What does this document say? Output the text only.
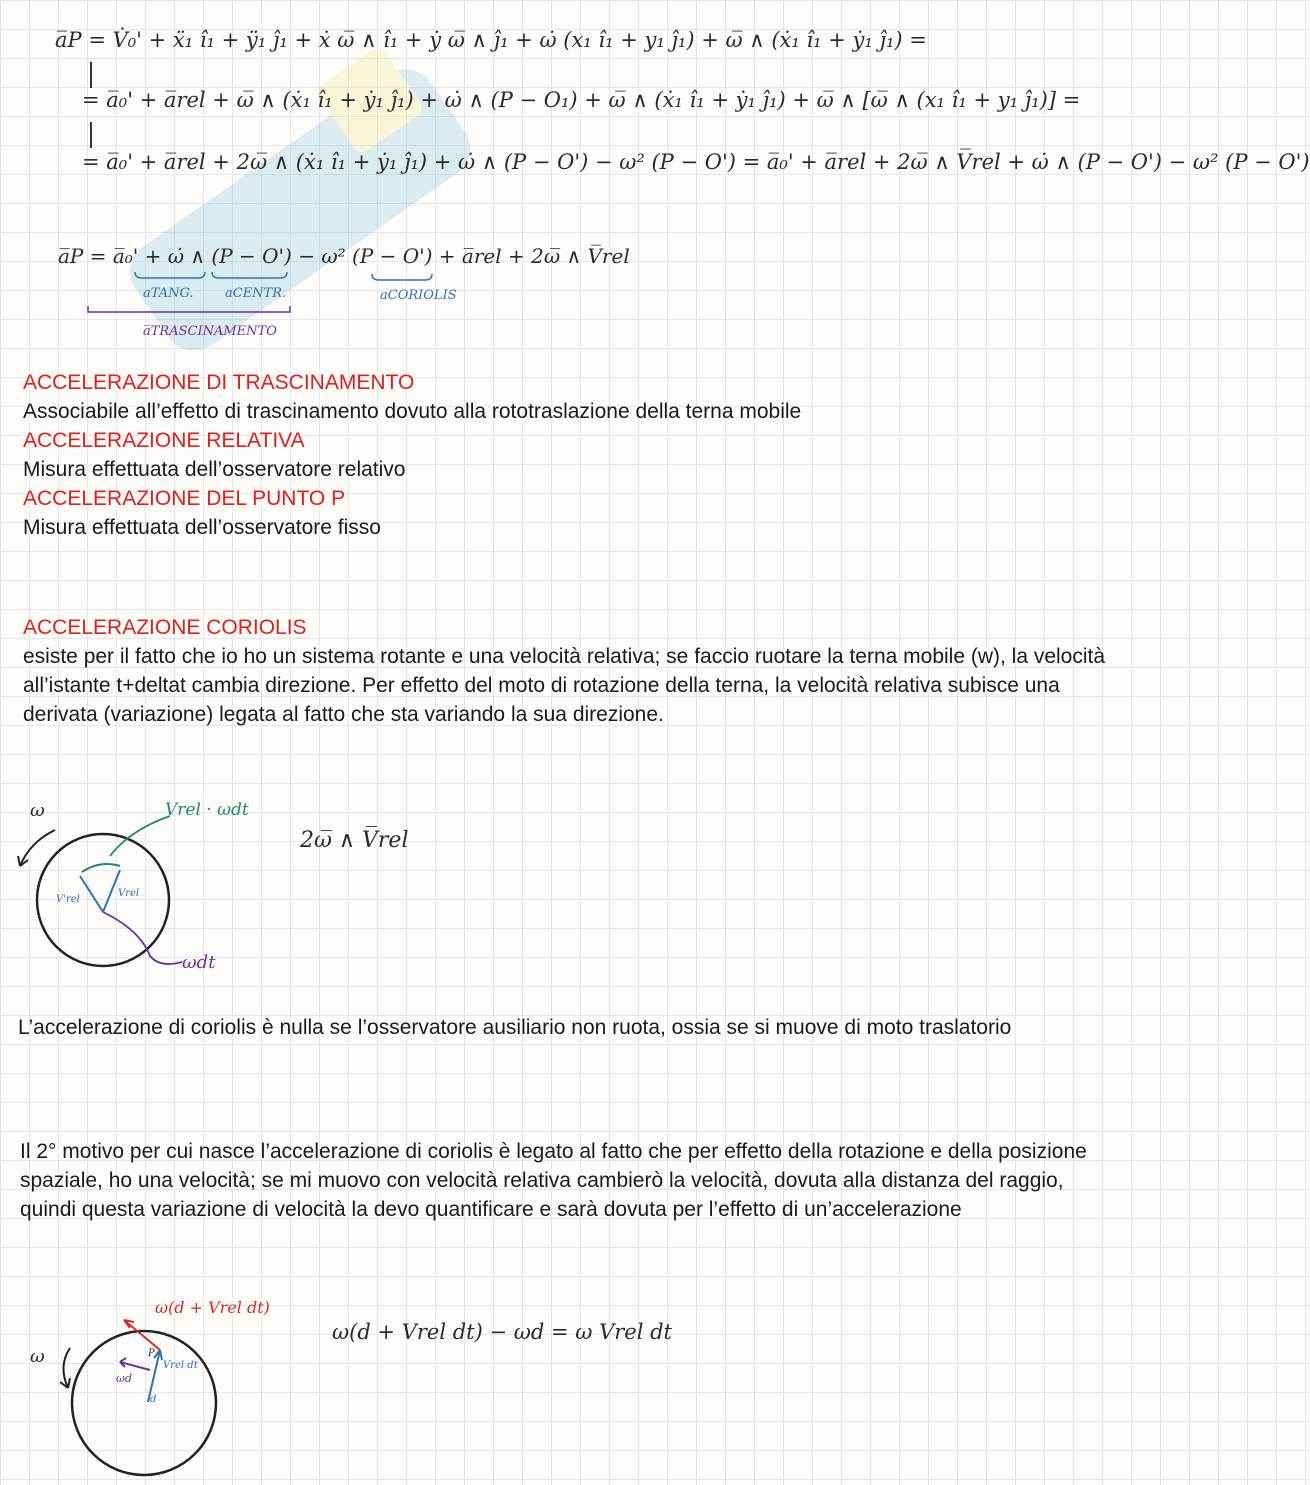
a̅P = V̇₀' + ẍ₁ î₁ + ÿ₁ ĵ₁ + ẋ ω̅ ∧ î₁ + ẏ ω̅ ∧ ĵ₁ + ω̇ (x₁ î₁ + y₁ ĵ₁) + ω̅ ∧ (ẋ₁ î₁ + ẏ₁ ĵ₁) =
= a̅₀' + a̅rel + ω̅ ∧ (ẋ₁ î₁ + ẏ₁ ĵ₁) + ω̇ ∧ (P − O₁) + ω̅ ∧ (ẋ₁ î₁ + ẏ₁ ĵ₁) + ω̅ ∧ [ω̅ ∧ (x₁ î₁ + y₁ ĵ₁)] =
= a̅₀' + a̅rel + 2ω̅ ∧ (ẋ₁ î₁ + ẏ₁ ĵ₁) + ω̇ ∧ (P − O') − ω² (P − O') = a̅₀' + a̅rel + 2ω̅ ∧ V̅rel + ω̇ ∧ (P − O') − ω² (P − O')
a̅P = a̅₀' + ω̇ ∧ (P − O') − ω² (P − O') + a̅rel + 2ω̅ ∧ V̅rel
aTANG. aCENTR.	aCORIOLIS
a̅TRASCINAMENTO
ACCELERAZIONE DI TRASCINAMENTO
Associabile all’effetto di trascinamento dovuto alla rototraslazione della terna mobile
ACCELERAZIONE RELATIVA
Misura effettuata dell’osservatore relativo
ACCELERAZIONE DEL PUNTO P
Misura effettuata dell’osservatore fisso
ACCELERAZIONE CORIOLIS
esiste per il fatto che io ho un sistema rotante e una velocità relativa; se faccio ruotare la terna mobile (w), la velocità all’istante t+deltat cambia direzione. Per effetto del moto di rotazione della terna, la velocità relativa subisce una derivata (variazione) legata al fatto che sta variando la sua direzione.
ω	Vrel · ωdt
Vrel
V'rel
ωdt
2ω̅ ∧ V̅rel
L’accelerazione di coriolis è nulla se l’osservatore ausiliario non ruota, ossia se si muove di moto traslatorio
Il 2° motivo per cui nasce l’accelerazione di coriolis è legato al fatto che per effetto della rotazione e della posizione spaziale, ho una velocità; se mi muovo con velocità relativa cambierò la velocità, dovuta alla distanza del raggio, quindi questa variazione di velocità la devo quantificare e sarà dovuta per l’effetto di un’accelerazione
ω(d + Vrel dt)
ω	P
Vrel dt
ωd
d
ω(d + Vrel dt) − ωd = ω Vrel dt
